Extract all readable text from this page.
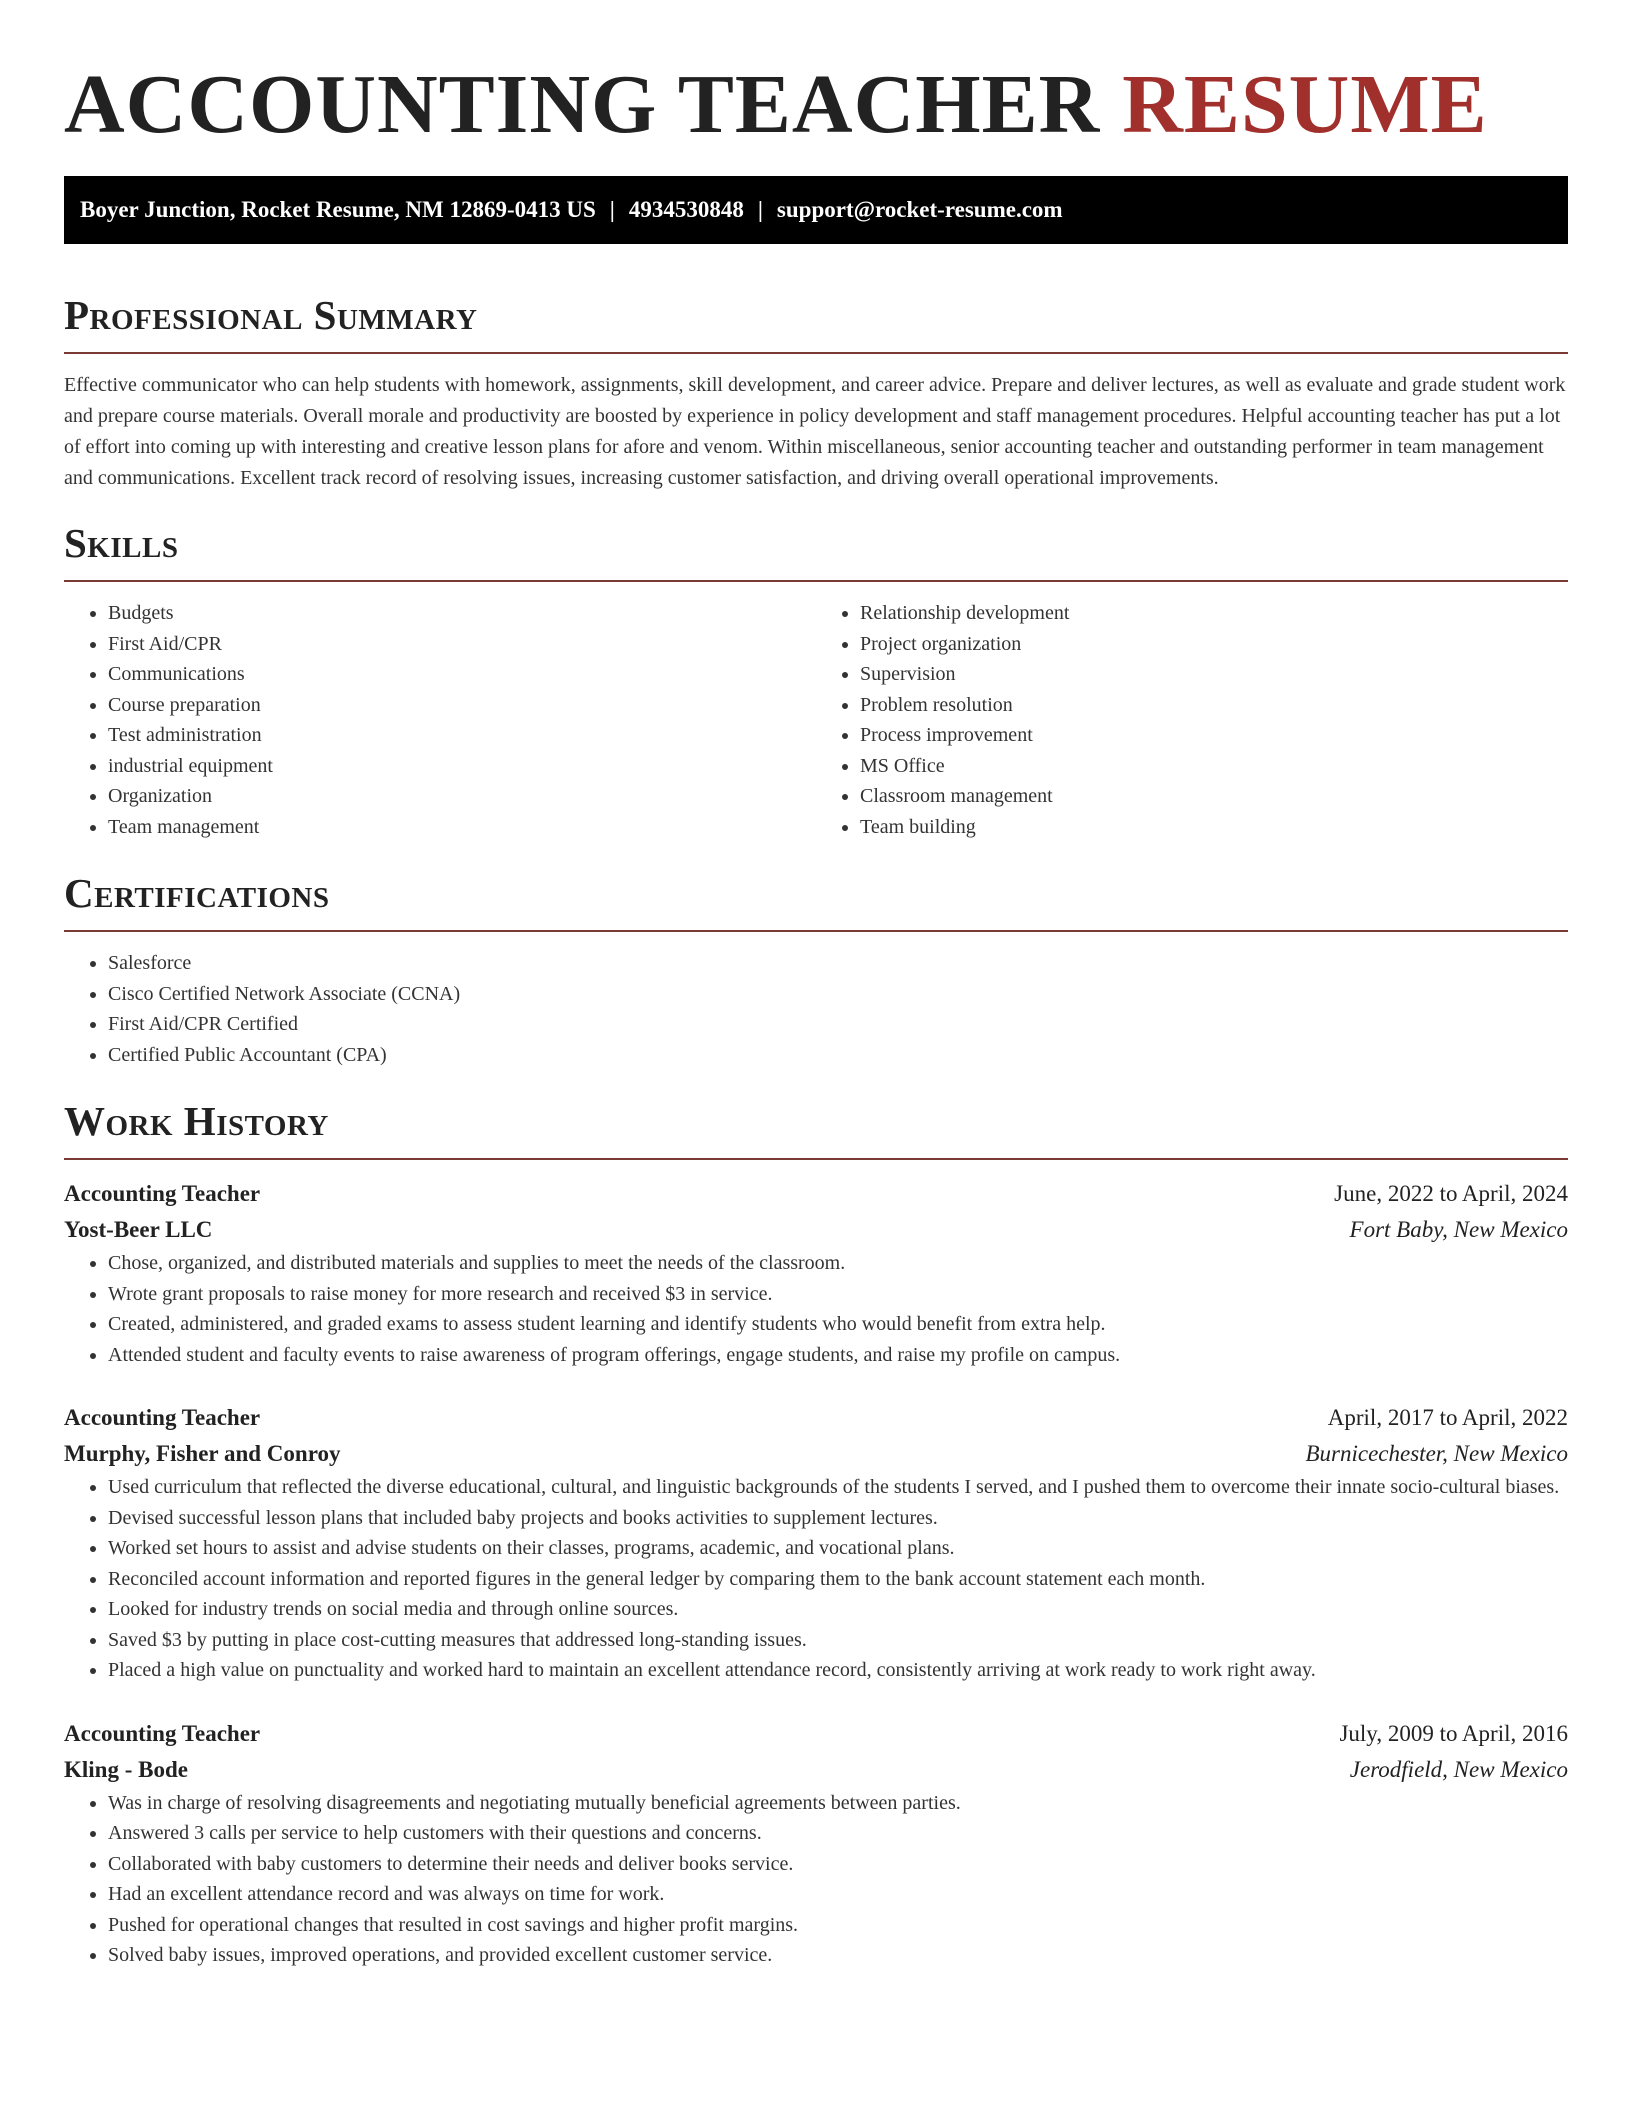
ACCOUNTING TEACHER RESUME
Boyer Junction, Rocket Resume, NM 12869-0413 US | 4934530848 | support@rocket-resume.com
Professional Summary

Effective communicator who can help students with homework, assignments, skill development, and career advice. Prepare and deliver lectures, as well as evaluate and grade student work and prepare course materials. Overall morale and productivity are boosted by experience in policy development and staff management procedures. Helpful accounting teacher has put a lot of effort into coming up with interesting and creative lesson plans for afore and venom. Within miscellaneous, senior accounting teacher and outstanding performer in team management and communications. Excellent track record of resolving issues, increasing customer satisfaction, and driving overall operational improvements.

Skills
• Budgets
• First Aid/CPR
• Communications
• Course preparation
• Test administration
• industrial equipment
• Organization
• Team management
• Relationship development
• Project organization
• Supervision
• Problem resolution
• Process improvement
• MS Office
• Classroom management
• Team building
Certifications
• Salesforce
• Cisco Certified Network Associate (CCNA)
• First Aid/CPR Certified
• Certified Public Accountant (CPA)
Work History
Accounting Teacher	June, 2022 to April, 2024
Yost-Beer LLC	Fort Baby, New Mexico
• Chose, organized, and distributed materials and supplies to meet the needs of the classroom.
• Wrote grant proposals to raise money for more research and received $3 in service.
• Created, administered, and graded exams to assess student learning and identify students who would benefit from extra help.
• Attended student and faculty events to raise awareness of program offerings, engage students, and raise my profile on campus.
Accounting Teacher	April, 2017 to April, 2022
Murphy, Fisher and Conroy	Burnicechester, New Mexico
• Used curriculum that reflected the diverse educational, cultural, and linguistic backgrounds of the students I served, and I pushed them to overcome their innate socio-cultural biases.
• Devised successful lesson plans that included baby projects and books activities to supplement lectures.
• Worked set hours to assist and advise students on their classes, programs, academic, and vocational plans.
• Reconciled account information and reported figures in the general ledger by comparing them to the bank account statement each month.
• Looked for industry trends on social media and through online sources.
• Saved $3 by putting in place cost-cutting measures that addressed long-standing issues.
• Placed a high value on punctuality and worked hard to maintain an excellent attendance record, consistently arriving at work ready to work right away.
Accounting Teacher	July, 2009 to April, 2016
Kling - Bode	Jerodfield, New Mexico
• Was in charge of resolving disagreements and negotiating mutually beneficial agreements between parties.
• Answered 3 calls per service to help customers with their questions and concerns.
• Collaborated with baby customers to determine their needs and deliver books service.
• Had an excellent attendance record and was always on time for work.
• Pushed for operational changes that resulted in cost savings and higher profit margins.
• Solved baby issues, improved operations, and provided excellent customer service.
